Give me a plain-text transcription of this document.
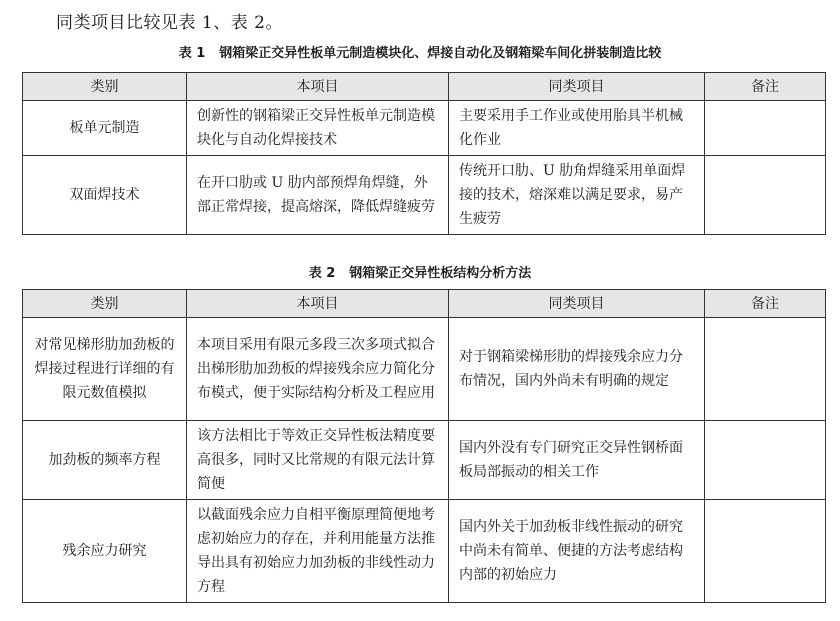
同类项目比较见表 1、表 2。
表 1 钢箱梁正交异性板单元制造模块化、焊接自动化及钢箱梁车间化拼装制造比较
类别	本项目	同类项目	备注
板单元制造	创新性的钢箱梁正交异性板单元制造模块化与自动化焊接技术	主要采用手工作业或使用胎具半机械化作业	
双面焊技术	在开口肋或 U 肋内部预焊角焊缝，外部正常焊接，提高熔深，降低焊缝疲劳	传统开口肋、U 肋角焊缝采用单面焊接的技术，熔深难以满足要求，易产生疲劳	
表 2 钢箱梁正交异性板结构分析方法
类别	本项目	同类项目	备注
对常见梯形肋加劲板的焊接过程进行详细的有限元数值模拟	本项目采用有限元多段三次多项式拟合出梯形肋加劲板的焊接残余应力简化分布模式，便于实际结构分析及工程应用	对于钢箱梁梯形肋的焊接残余应力分布情况，国内外尚未有明确的规定	
加劲板的频率方程	该方法相比于等效正交异性板法精度要高很多，同时又比常规的有限元法计算简便	国内外没有专门研究正交异性钢桥面板局部振动的相关工作	
残余应力研究	以截面残余应力自相平衡原理简便地考虑初始应力的存在，并利用能量方法推导出具有初始应力加劲板的非线性动力方程	国内外关于加劲板非线性振动的研究中尚未有简单、便捷的方法考虑结构内部的初始应力	
